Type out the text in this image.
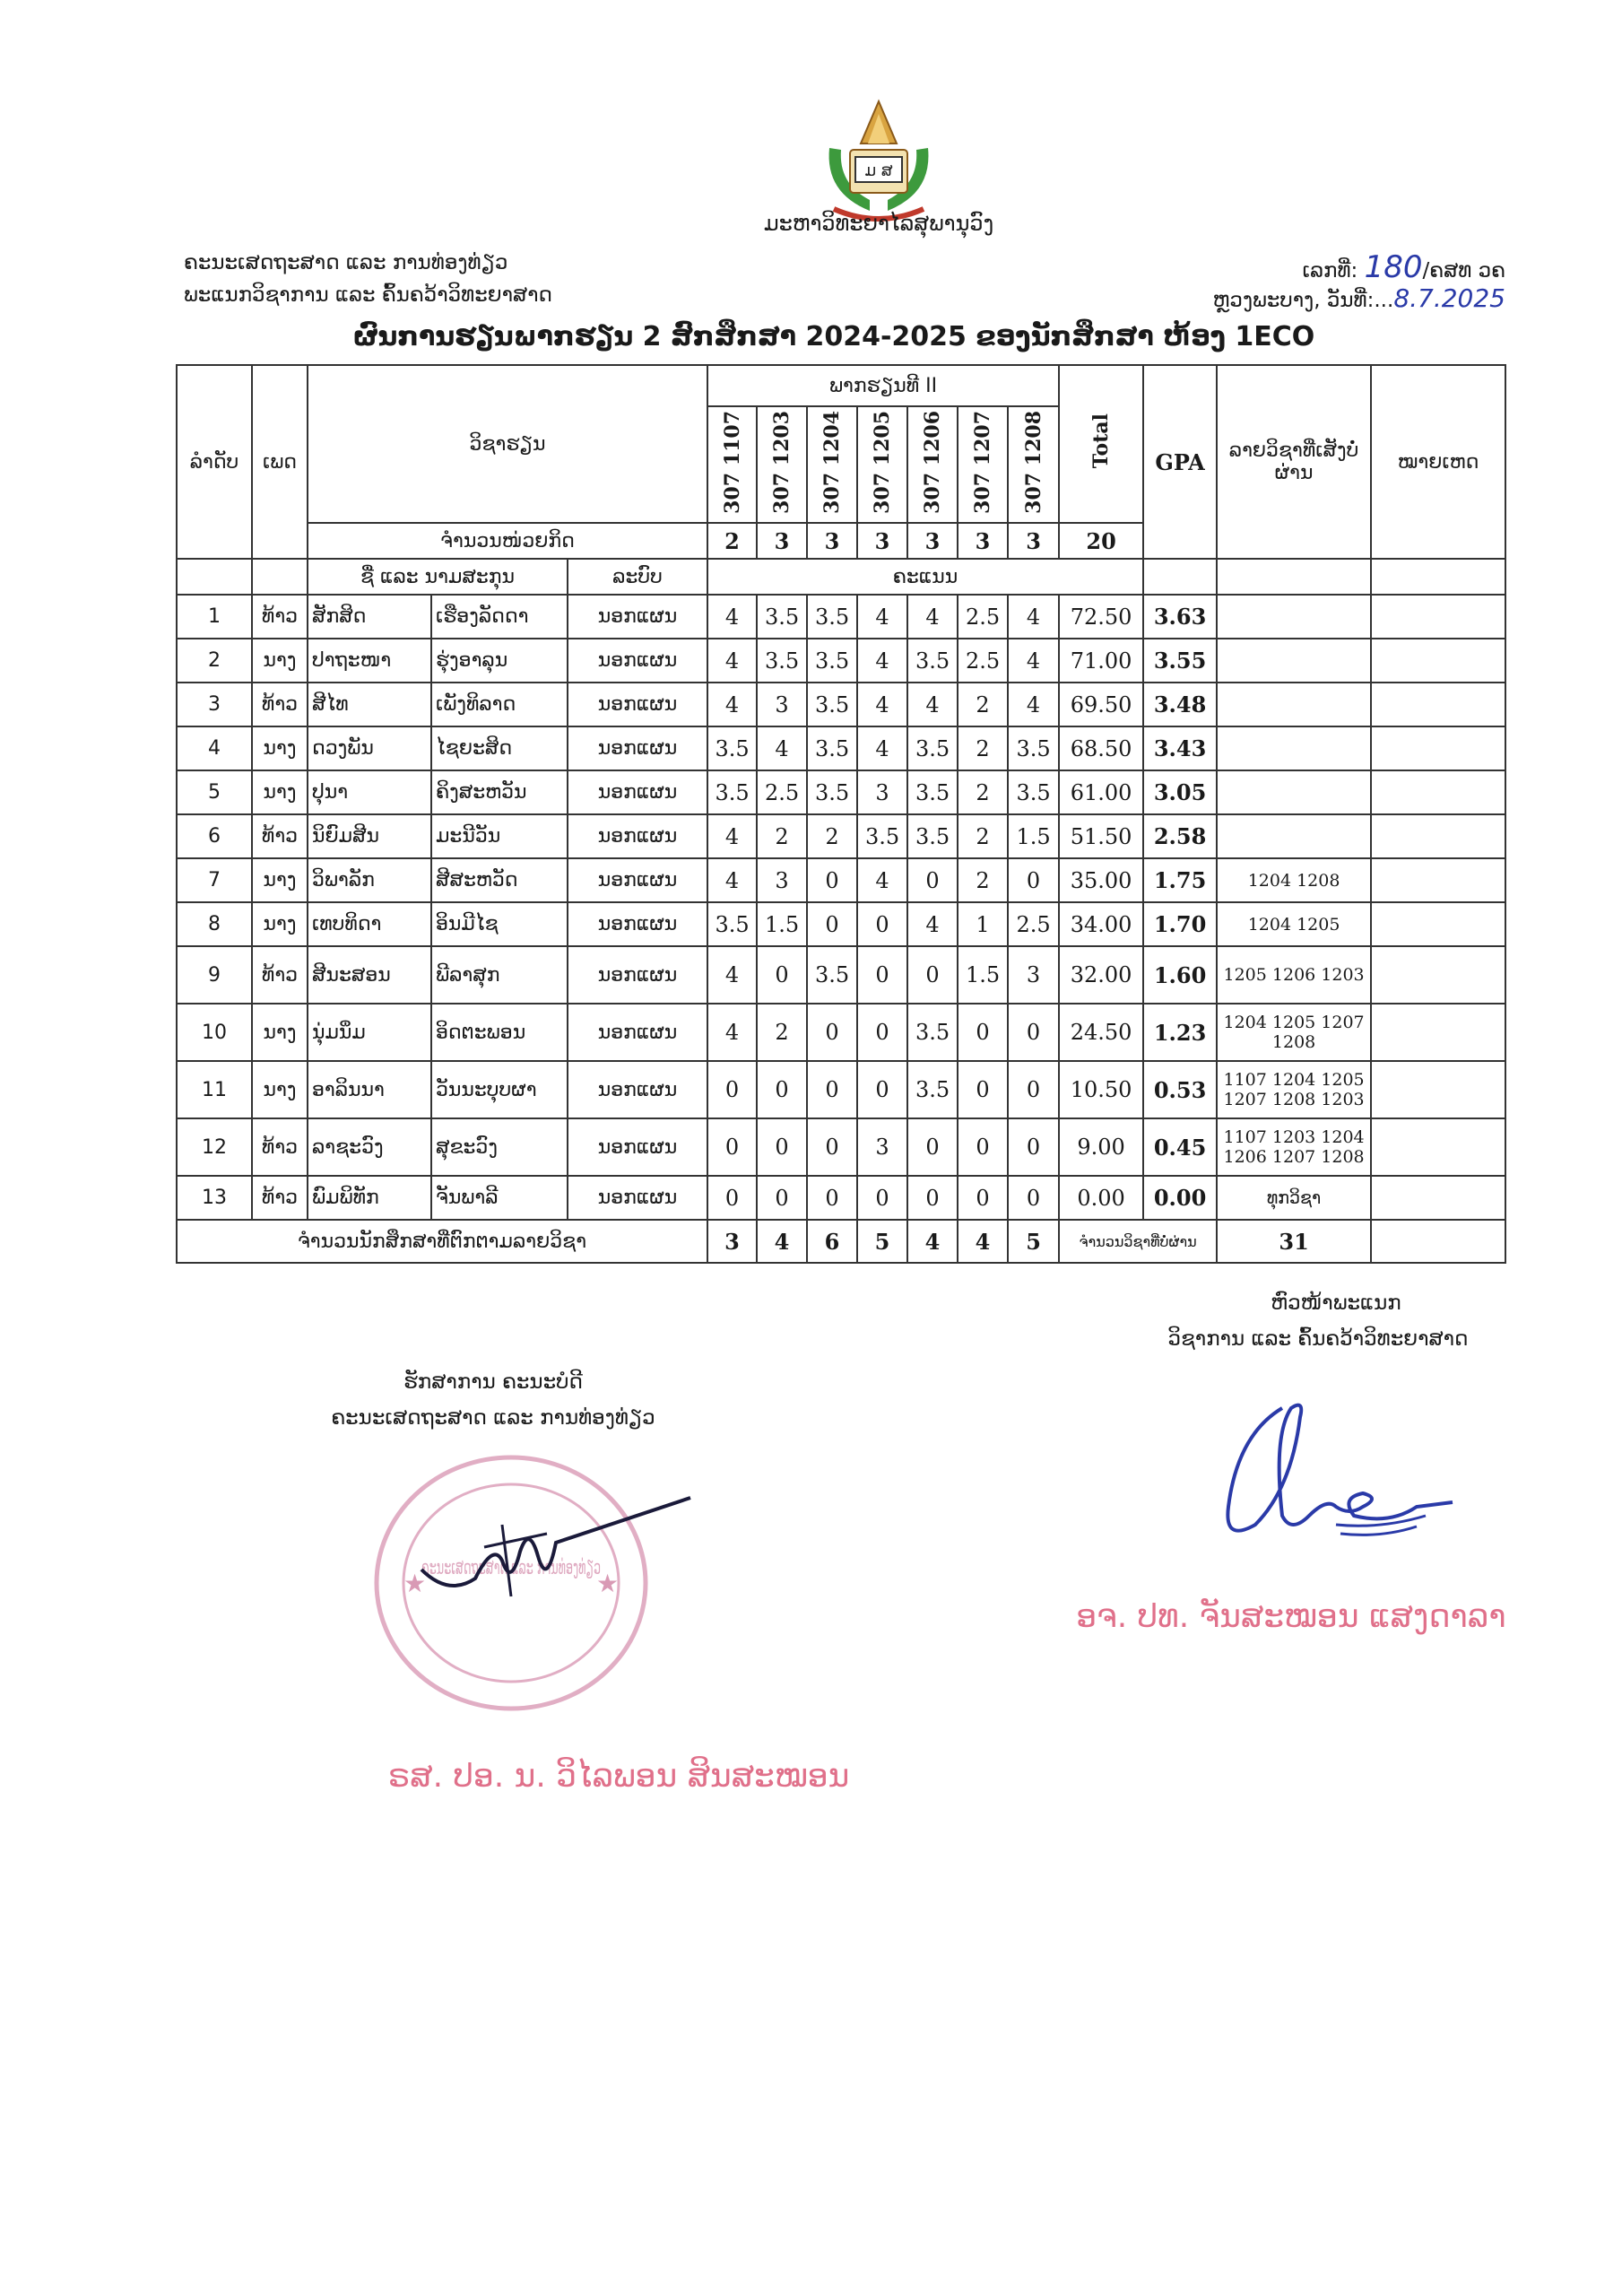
ມ ສ
ມະຫາວິທະຍາໄລສຸພານຸວົງ
ຄະນະເສດຖະສາດ ແລະ ການທ່ອງທ່ຽວ
ພະແນກວິຊາການ ແລະ ຄົ້ນຄວ້າວິທະຍາສາດ
ເລກທີ່: 180/ຄສທ ວຄ
ຫຼວງພະບາງ, ວັນທີ່:...8.7.2025
ຜົນການຮຽນພາກຮຽນ 2 ສົກສຶກສາ 2024-2025 ຂອງນັກສຶກສາ ຫ້ອງ 1ECO
ລຳດັບ	ເພດ	ວິຊາຮຽນ			ພາກຮຽນທີ II							Total	GPA	ລາຍວິຊາທີ່ເສັງບໍ່ຜ່ານ	ໝາຍເຫດ
					307 1107	307 1203	307 1204	307 1205	307 1206	307 1207	307 1208				
		ຈຳນວນໜ່ວຍກິດ			2	3	3	3	3	3	3	20			
		ຊື່ ແລະ ນາມສະກຸນ		ລະບົບ	ຄະແນນ										
1	ທ້າວ	ສັກສິດ	ເຮືອງລັດດາ	ນອກແຜນ	4	3.5	3.5	4	4	2.5	4	72.50	3.63		
2	ນາງ	ປາຖະໜາ	ຮຸ່ງອາລຸນ	ນອກແຜນ	4	3.5	3.5	4	3.5	2.5	4	71.00	3.55		
3	ທ້າວ	ສີໄທ	ເພັງທິລາດ	ນອກແຜນ	4	3	3.5	4	4	2	4	69.50	3.48		
4	ນາງ	ດວງພັນ	ໄຊຍະສິດ	ນອກແຜນ	3.5	4	3.5	4	3.5	2	3.5	68.50	3.43		
5	ນາງ	ປຸນາ	ຄິງສະຫວັນ	ນອກແຜນ	3.5	2.5	3.5	3	3.5	2	3.5	61.00	3.05		
6	ທ້າວ	ນິຍົມສີນ	ມະນີວັນ	ນອກແຜນ	4	2	2	3.5	3.5	2	1.5	51.50	2.58		
7	ນາງ	ວິພາລັກ	ສີສະຫວັດ	ນອກແຜນ	4	3	0	4	0	2	0	35.00	1.75	1204 1208	
8	ນາງ	ເທບທິດາ	ອິນມີໄຊ	ນອກແຜນ	3.5	1.5	0	0	4	1	2.5	34.00	1.70	1204 1205	
9	ທ້າວ	ສີນະສອນ	ພີລາສຸກ	ນອກແຜນ	4	0	3.5	0	0	1.5	3	32.00	1.60	1205 1206 1203	
10	ນາງ	ນຸ່ມນິ່ມ	ອິດຕະພອນ	ນອກແຜນ	4	2	0	0	3.5	0	0	24.50	1.23	1204 1205 1207 1208	
11	ນາງ	ອາລິນນາ	ວັນນະບຸບຜາ	ນອກແຜນ	0	0	0	0	3.5	0	0	10.50	0.53	1107 1204 1205 1207 1208 1203	
12	ທ້າວ	ລາຊະວົງ	ສຸຂະວົງ	ນອກແຜນ	0	0	0	3	0	0	0	9.00	0.45	1107 1203 1204 1206 1207 1208	
13	ທ້າວ	ພົມພິທັກ	ຈັນພາລີ	ນອກແຜນ	0	0	0	0	0	0	0	0.00	0.00	ທຸກວິຊາ	
ຈຳນວນນັກສຶກສາທີ່ຕົກຕາມລາຍວິຊາ					3	4	6	5	4	4	5	ຈຳນວນວິຊາທີ່ບໍ່ຜ່ານ		31	
ຫົວໜ້າພະແນກ
ວິຊາການ ແລະ ຄົ້ນຄວ້າວິທະຍາສາດ
ຮັກສາການ ຄະນະບໍດີ
ຄະນະເສດຖະສາດ ແລະ ການທ່ອງທ່ຽວ
ອຈ. ປທ. ຈັນສະໝອນ ແສງດາລາ
ຄະນະເສດຖະສາດ ແລະ ການທ່ອງທ່ຽວ
★	★
ຣສ. ປອ. ນ. ວິໄລພອນ ສິນສະໝອນ
